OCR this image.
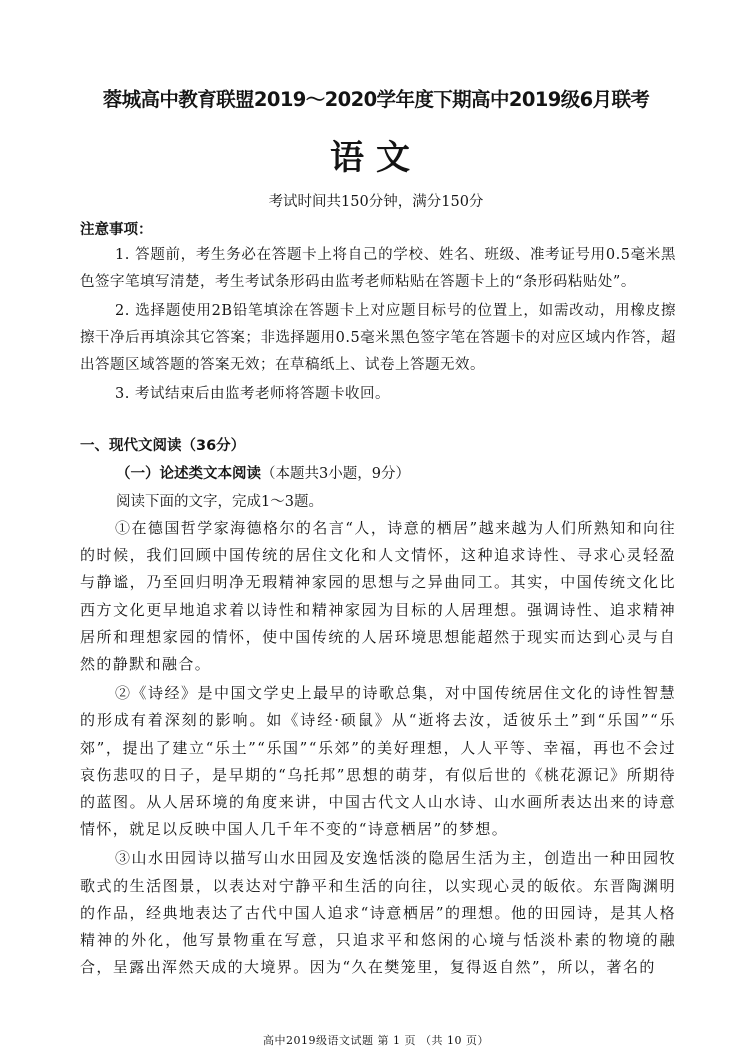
蓉城高中教育联盟2019～2020学年度下期高中2019级6月联考
语文
考试时间共150分钟，满分150分
注意事项：

1. 答题前，考生务必在答题卡上将自己的学校、姓名、班级、准考证号用0.5毫米黑色签字笔填写清楚，考生考试条形码由监考老师粘贴在答题卡上的“条形码粘贴处”。

2. 选择题使用2B铅笔填涂在答题卡上对应题目标号的位置上，如需改动，用橡皮擦擦干净后再填涂其它答案；非选择题用0.5毫米黑色签字笔在答题卡的对应区域内作答，超出答题区域答题的答案无效；在草稿纸上、试卷上答题无效。

3. 考试结束后由监考老师将答题卡收回。

一、现代文阅读（36分）
（一）论述类文本阅读（本题共3小题，9分）
阅读下面的文字，完成1～3题。

①在德国哲学家海德格尔的名言“人，诗意的栖居”越来越为人们所熟知和向往的时候，我们回顾中国传统的居住文化和人文情怀，这种追求诗性、寻求心灵轻盈与静谧，乃至回归明净无瑕精神家园的思想与之异曲同工。其实，中国传统文化比西方文化更早地追求着以诗性和精神家园为目标的人居理想。强调诗性、追求精神居所和理想家园的情怀，使中国传统的人居环境思想能超然于现实而达到心灵与自然的静默和融合。

②《诗经》是中国文学史上最早的诗歌总集，对中国传统居住文化的诗性智慧的形成有着深刻的影响。如《诗经·硕鼠》从“逝将去汝，适彼乐土”到“乐国”“乐郊”，提出了建立“乐土”“乐国”“乐郊”的美好理想，人人平等、幸福，再也不会过哀伤悲叹的日子，是早期的“乌托邦”思想的萌芽，有似后世的《桃花源记》所期待的蓝图。从人居环境的角度来讲，中国古代文人山水诗、山水画所表达出来的诗意情怀，就足以反映中国人几千年不变的“诗意栖居”的梦想。

③山水田园诗以描写山水田园及安逸恬淡的隐居生活为主，创造出一种田园牧歌式的生活图景，以表达对宁静平和生活的向往，以实现心灵的皈依。东晋陶渊明的作品，经典地表达了古代中国人追求“诗意栖居”的理想。他的田园诗，是其人格精神的外化，他写景物重在写意，只追求平和悠闲的心境与恬淡朴素的物境的融合，呈露出浑然天成的大境界。因为“久在樊笼里，复得返自然”，所以，著名的

高中2019级语文试题 第 1 页 （共 10 页）
